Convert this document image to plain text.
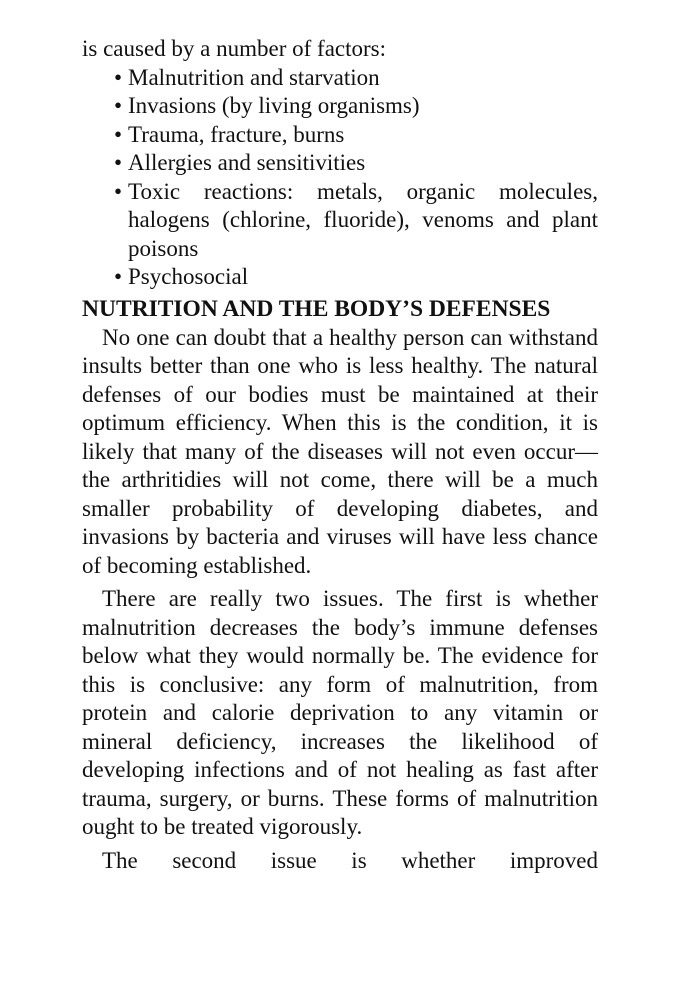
is caused by a number of factors:

• Malnutrition and starvation
• Invasions (by living organisms)
• Trauma, fracture, burns
• Allergies and sensitivities
• Toxic reactions: metals, organic molecules, halogens (chlorine, fluoride), venoms and plant poisons
• Psychosocial
NUTRITION AND THE BODY’S DEFENSES

No one can doubt that a healthy person can withstand insults better than one who is less healthy. The natural defenses of our bodies must be maintained at their optimum efficiency. When this is the condition, it is likely that many of the diseases will not even occur—the arthritidies will not come, there will be a much smaller probability of developing diabetes, and invasions by bacteria and viruses will have less chance of becoming established.

There are really two issues. The first is whether malnutrition decreases the body’s immune defenses below what they would normally be. The evidence for this is conclusive: any form of malnutrition, from protein and calorie deprivation to any vitamin or mineral deficiency, increases the likelihood of developing infections and of not healing as fast after trauma, surgery, or burns. These forms of malnutrition ought to be treated vigorously.

The second issue is whether improved
